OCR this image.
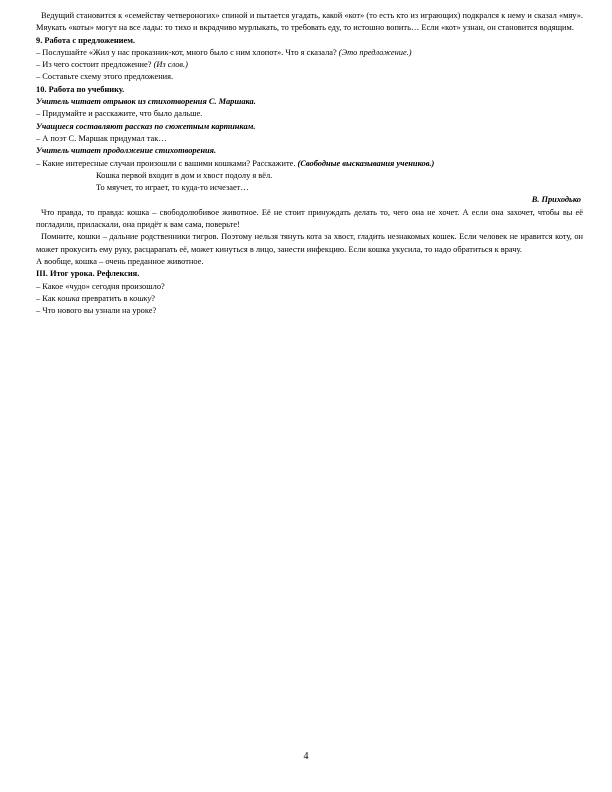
Ведущий становится к «семейству четвероногих» спиной и пытается угадать, какой «кот» (то есть кто из играющих) подкрался к нему и сказал «мяу». Мяукать «коты» могут на все лады: то тихо и вкрадчиво мурлыкать, то требовать еду, то истошно вопить… Если «кот» узнан, он становится водящим.

9. Работа с предложением.

– Послушайте «Жил у нас проказник-кот, много было с ним хлопот». Что я сказала? (Это предложение.)

– Из чего состоит предложение? (Из слов.)

– Составьте схему этого предложения.

10. Работа по учебнику.

Учитель читает отрывок из стихотворения С. Маршака.

– Придумайте и расскажите, что было дальше.

Учащиеся составляют рассказ по сюжетным картинкам.

– А поэт С. Маршак придумал так…

Учитель читает продолжение стихотворения.

– Какие интересные случаи произошли с вашими кошками? Расскажите. (Свободные высказывания учеников.)

Кошка первой входит в дом и хвост подолу я вёл.

То мяучет, то играет, то куда-то исчезает…

В. Приходько

Что правда, то правда: кошка – свободолюбивое животное. Её не стоит принуждать делать то, чего она не хочет. А если она захочет, чтобы вы её погладили, приласкали, она придёт к вам сама, поверьте!

Помните, кошки – дальние родственники тигров. Поэтому нельзя тянуть кота за хвост, гладить незнакомых кошек. Если человек не нравится коту, он может прокусить ему руку, расцарапать её, может кинуться в лицо, занести инфекцию. Если кошка укусила, то надо обратиться к врачу.

А вообще, кошка – очень преданное животное.

III. Итог урока. Рефлексия.

– Какое «чудо» сегодня произошло?

– Как кошка превратить в кошку?

– Что нового вы узнали на уроке?

4
